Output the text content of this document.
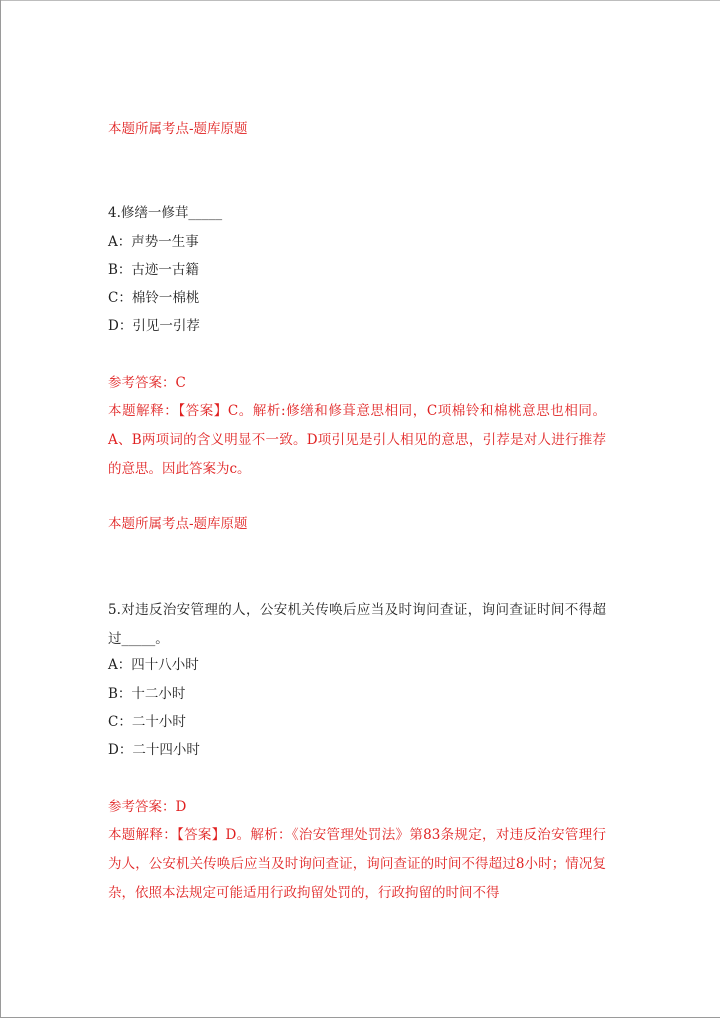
本题所属考点-题库原题
4.修缮一修茸_____
A：声势一生事
B：古迹一古籍
C：棉铃一棉桃
D：引见一引荐
参考答案：C
本题解释：【答案】C。解析:修缮和修葺意思相同，C项棉铃和棉桃意思也相同。A、B两项词的含义明显不一致。D项引见是引人相见的意思，引荐是对人进行推荐的意思。因此答案为c。
本题所属考点-题库原题
5.对违反治安管理的人，公安机关传唤后应当及时询问查证，询问查证时间不得超过_____。
A：四十八小时
B：十二小时
C：二十小时
D：二十四小时
参考答案：D
本题解释：【答案】D。解析：《治安管理处罚法》第83条规定，对违反治安管理行为人，公安机关传唤后应当及时询问查证，询问查证的时间不得超过8小时；情况复杂，依照本法规定可能适用行政拘留处罚的，行政拘留的时间不得
